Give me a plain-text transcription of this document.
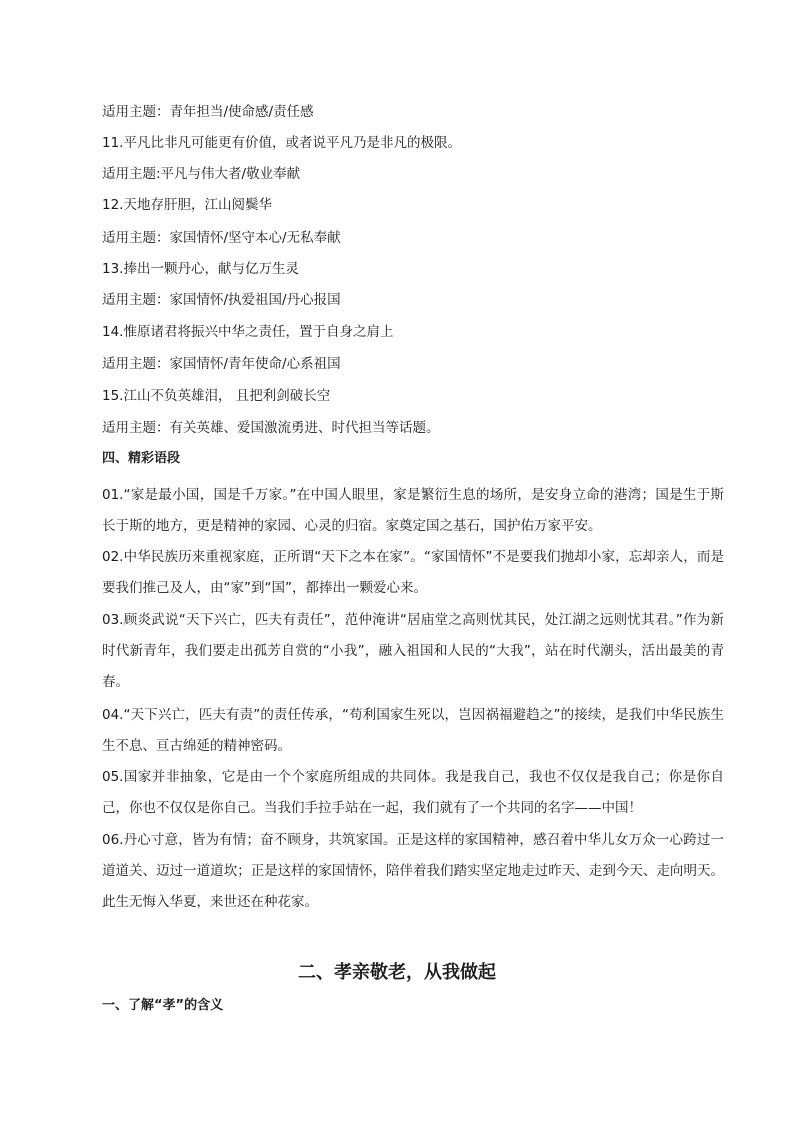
适用主题：青年担当/使命感/责任感

11.平凡比非凡可能更有价值，或者说平凡乃是非凡的极限。

适用主题:平凡与伟大者/敬业奉献

12.天地存肝胆，江山阅鬓华

适用主题：家国情怀/坚守本心/无私奉献

13.捧出一颗丹心，献与亿万生灵

适用主题：家国情怀/执爱祖国/丹心报国

14.惟原诸君将振兴中华之责任，置于自身之肩上

适用主题：家国情怀/青年使命/心系祖国

15.江山不负英雄泪， 且把利剑破长空

适用主题：有关英雄、爱国激流勇进、时代担当等话题。

四、精彩语段

01.“家是最小国，国是千万家。”在中国人眼里，家是繁衍生息的场所，是安身立命的港湾；国是生于斯长于斯的地方，更是精神的家园、心灵的归宿。家奠定国之基石，国护佑万家平安。

02.中华民族历来重视家庭，正所谓“天下之本在家”。“家国情怀”不是要我们抛却小家，忘却亲人，而是要我们推己及人，由“家”到“国”，都捧出一颗爱心来。

03.顾炎武说“天下兴亡，匹夫有责任”，范仲淹讲“居庙堂之高则忧其民，处江湖之远则忧其君。”作为新时代新青年，我们要走出孤芳自赏的“小我”，融入祖国和人民的“大我”，站在时代潮头，活出最美的青春。

04.“天下兴亡，匹夫有责”的责任传承，“苟利国家生死以，岂因祸福避趋之”的接续，是我们中华民族生生不息、亘古绵延的精神密码。

05.国家并非抽象，它是由一个个家庭所组成的共同体。我是我自己，我也不仅仅是我自己；你是你自己，你也不仅仅是你自己。当我们手拉手站在一起，我们就有了一个共同的名字——中国！

06.丹心寸意，皆为有情；奋不顾身，共筑家国。正是这样的家国精神，感召着中华儿女万众一心跨过一道道关、迈过一道道坎；正是这样的家国情怀，陪伴着我们踏实坚定地走过昨天、走到今天、走向明天。此生无悔入华夏，来世还在种花家。

二、孝亲敬老，从我做起

一、了解“孝”的含义
